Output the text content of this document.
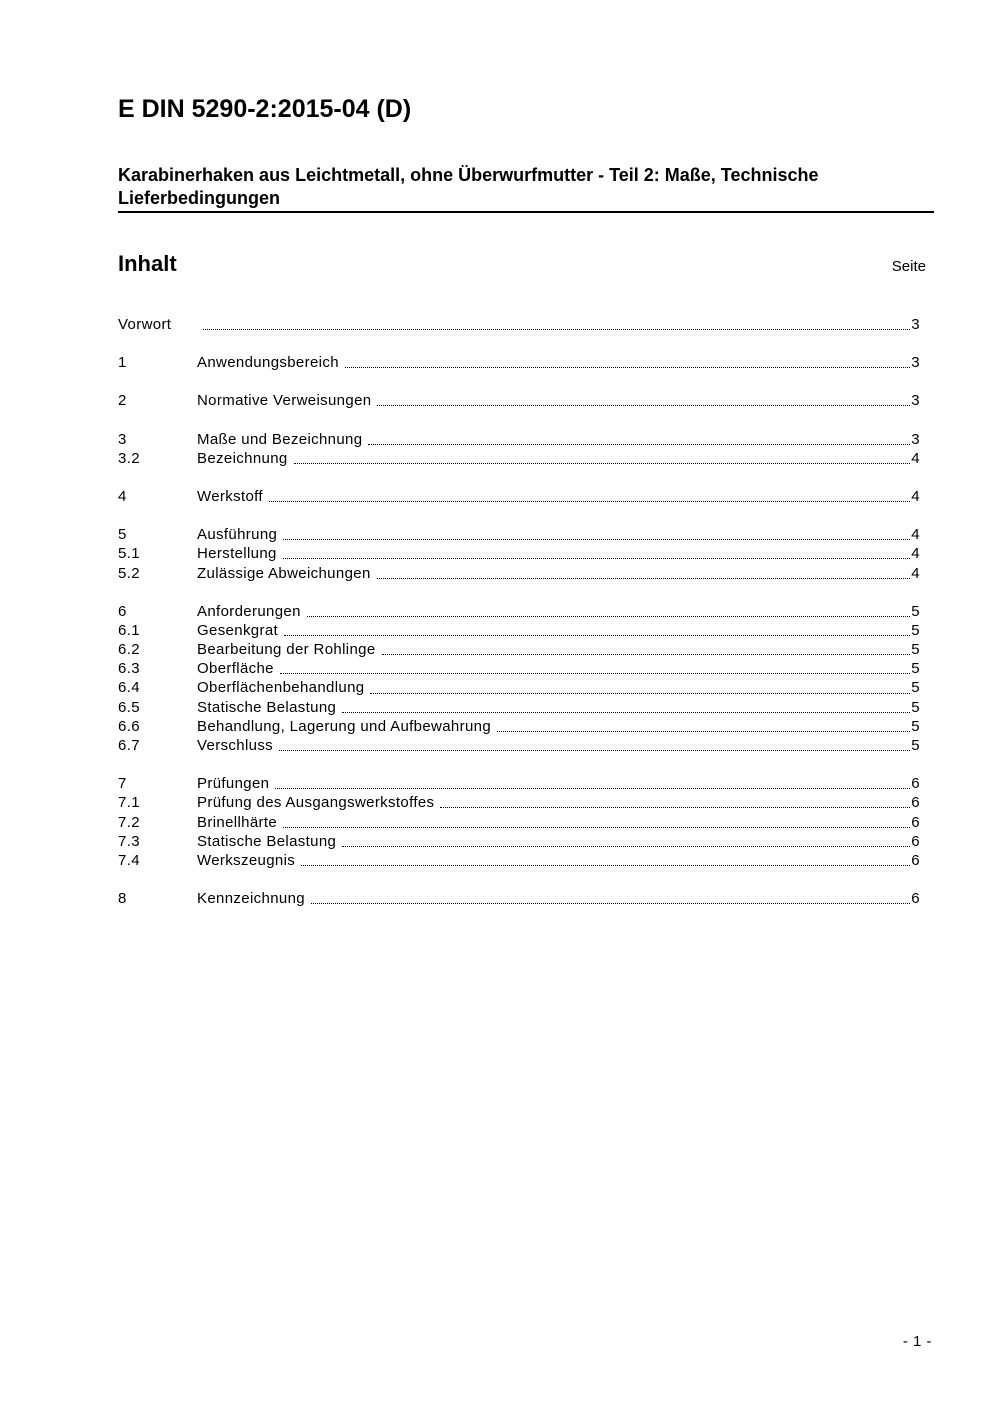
E DIN 5290-2:2015-04 (D)
Karabinerhaken aus Leichtmetall, ohne Überwurfmutter - Teil 2: Maße, Technische Lieferbedingungen
Inhalt	Seite
Vorwort	3
1	Anwendungsbereich	3
2	Normative Verweisungen	3
3	Maße und Bezeichnung	3
3.2	Bezeichnung	4
4	Werkstoff	4
5	Ausführung	4
5.1	Herstellung	4
5.2	Zulässige Abweichungen	4
6	Anforderungen	5
6.1	Gesenkgrat	5
6.2	Bearbeitung der Rohlinge	5
6.3	Oberfläche	5
6.4	Oberflächenbehandlung	5
6.5	Statische Belastung	5
6.6	Behandlung, Lagerung und Aufbewahrung	5
6.7	Verschluss	5
7	Prüfungen	6
7.1	Prüfung des Ausgangswerkstoffes	6
7.2	Brinellhärte	6
7.3	Statische Belastung	6
7.4	Werkszeugnis	6
8	Kennzeichnung	6
- 1 -
